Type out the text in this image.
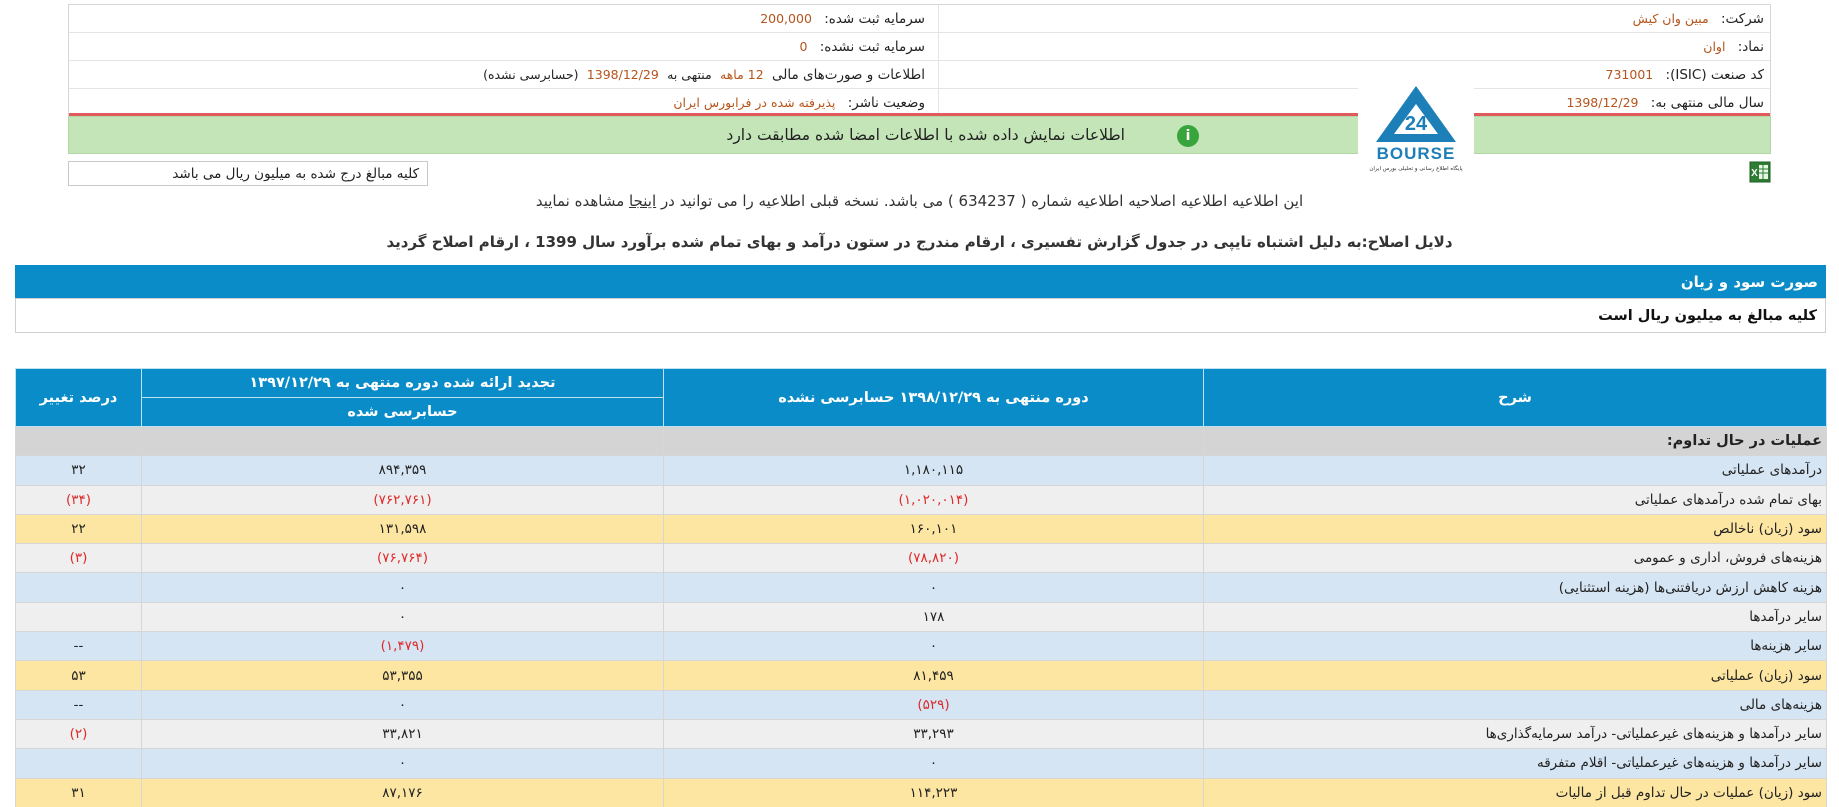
شرکت: مبین وان کیش
سرمایه ثبت شده: 200,000
نماد: اوان
سرمایه ثبت نشده: 0
کد صنعت (ISIC): 731001
اطلاعات و صورت‌های مالی 12 ماهه منتهی به 1398/12/29 (حسابرسی نشده)
سال مالی منتهی به: 1398/12/29
وضعیت ناشر: پذیرفته شده در فرابورس ایران
اطلاعات نمایش داده شده با اطلاعات امضا شده مطابقت دارد	i
24
BOURSE
پایگاه اطلاع رسانی و تحلیلی بورس ایران
کلیه مبالغ درج شده به میلیون ریال می باشد	X
این اطلاعیه اطلاعیه اصلاحیه اطلاعیه شماره ( 634237 ) می باشد. نسخه قبلی اطلاعیه را می توانید در اینجا مشاهده نمایید
دلایل اصلاح:به دلیل اشتباه تایپی در جدول گزارش تفسیری ، ارقام مندرج در ستون درآمد و بهای تمام شده برآورد سال 1399 ، ارقام اصلاح گردید
صورت سود و زیان
کلیه مبالغ به میلیون ریال است
شرح	دوره منتهی به ۱۳۹۸/۱۲/۲۹ حسابرسی نشده	تجدید ارائه شده دوره منتهی به ۱۳۹۷/۱۲/۲۹	درصد تغییر
		حسابرسی شده	
عملیات در حال تداوم:			
درآمدهای عملیاتی	۱,۱۸۰,۱۱۵	۸۹۴,۳۵۹	۳۲
بهای تمام شده درآمدهای عملیاتی	(۱,۰۲۰,۰۱۴)	(۷۶۲,۷۶۱)	(۳۴)
سود (زیان) ناخالص	۱۶۰,۱۰۱	۱۳۱,۵۹۸	۲۲
هزینه‌های فروش، اداری و عمومی	(۷۸,۸۲۰)	(۷۶,۷۶۴)	(۳)
هزینه کاهش ارزش دریافتنی‌ها (هزینه استثنایی)	۰	۰	
سایر درآمدها	۱۷۸	۰	
سایر هزینه‌ها	۰	(۱,۴۷۹)	--
سود (زیان) عملیاتی	۸۱,۴۵۹	۵۳,۳۵۵	۵۳
هزینه‌های مالی	(۵۲۹)	۰	--
سایر درآمدها و هزینه‌های غیرعملیاتی- درآمد سرمایه‌گذاری‌ها	۳۳,۲۹۳	۳۳,۸۲۱	(۲)
سایر درآمدها و هزینه‌های غیرعملیاتی- اقلام متفرقه	۰	۰	
سود (زیان) عملیات در حال تداوم قبل از مالیات	۱۱۴,۲۲۳	۸۷,۱۷۶	۳۱
